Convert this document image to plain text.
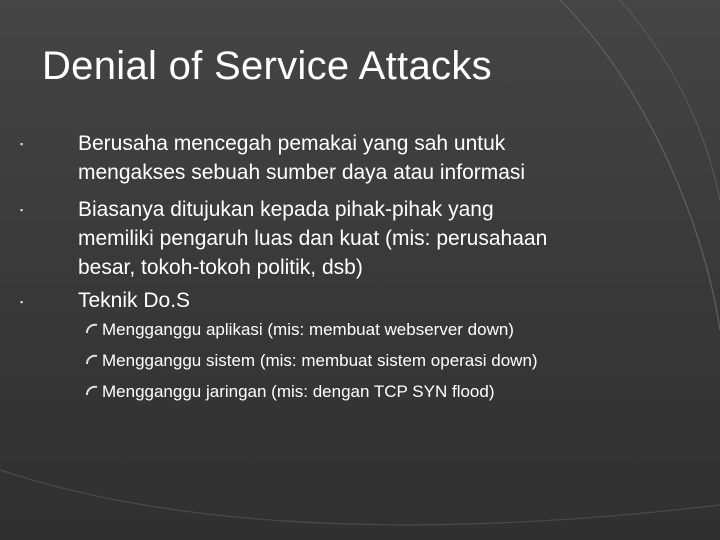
Denial of Service Attacks
▪	Berusaha mencegah pemakai yang sah untuk
mengakses sebuah sumber daya atau informasi
▪	Biasanya ditujukan kepada pihak-pihak yang
memiliki pengaruh luas dan kuat (mis: perusahaan
besar, tokoh-tokoh politik, dsb)
▪	Teknik Do.S
Mengganggu aplikasi (mis: membuat webserver down)
Mengganggu sistem (mis: membuat sistem operasi down)
Mengganggu jaringan (mis: dengan TCP SYN flood)
